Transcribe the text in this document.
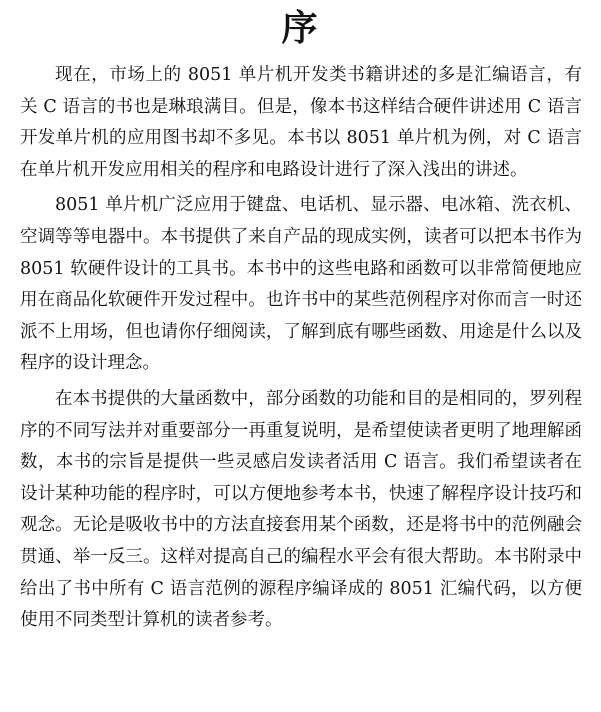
序

现在，市场上的 8051 单片机开发类书籍讲述的多是汇编语言，有关 C 语言的书也是琳琅满目。但是，像本书这样结合硬件讲述用 C 语言开发单片机的应用图书却不多见。本书以 8051 单片机为例，对 C 语言在单片机开发应用相关的程序和电路设计进行了深入浅出的讲述。

8051 单片机广泛应用于键盘、电话机、显示器、电冰箱、洗衣机、空调等等电器中。本书提供了来自产品的现成实例，读者可以把本书作为 8051 软硬件设计的工具书。本书中的这些电路和函数可以非常简便地应用在商品化软硬件开发过程中。也许书中的某些范例程序对你而言一时还派不上用场，但也请你仔细阅读，了解到底有哪些函数、用途是什么以及程序的设计理念。

在本书提供的大量函数中，部分函数的功能和目的是相同的，罗列程序的不同写法并对重要部分一再重复说明，是希望使读者更明了地理解函数，本书的宗旨是提供一些灵感启发读者活用 C 语言。我们希望读者在设计某种功能的程序时，可以方便地参考本书，快速了解程序设计技巧和观念。无论是吸收书中的方法直接套用某个函数，还是将书中的范例融会贯通、举一反三。这样对提高自己的编程水平会有很大帮助。本书附录中给出了书中所有 C 语言范例的源程序编译成的 8051 汇编代码，以方便使用不同类型计算机的读者参考。
